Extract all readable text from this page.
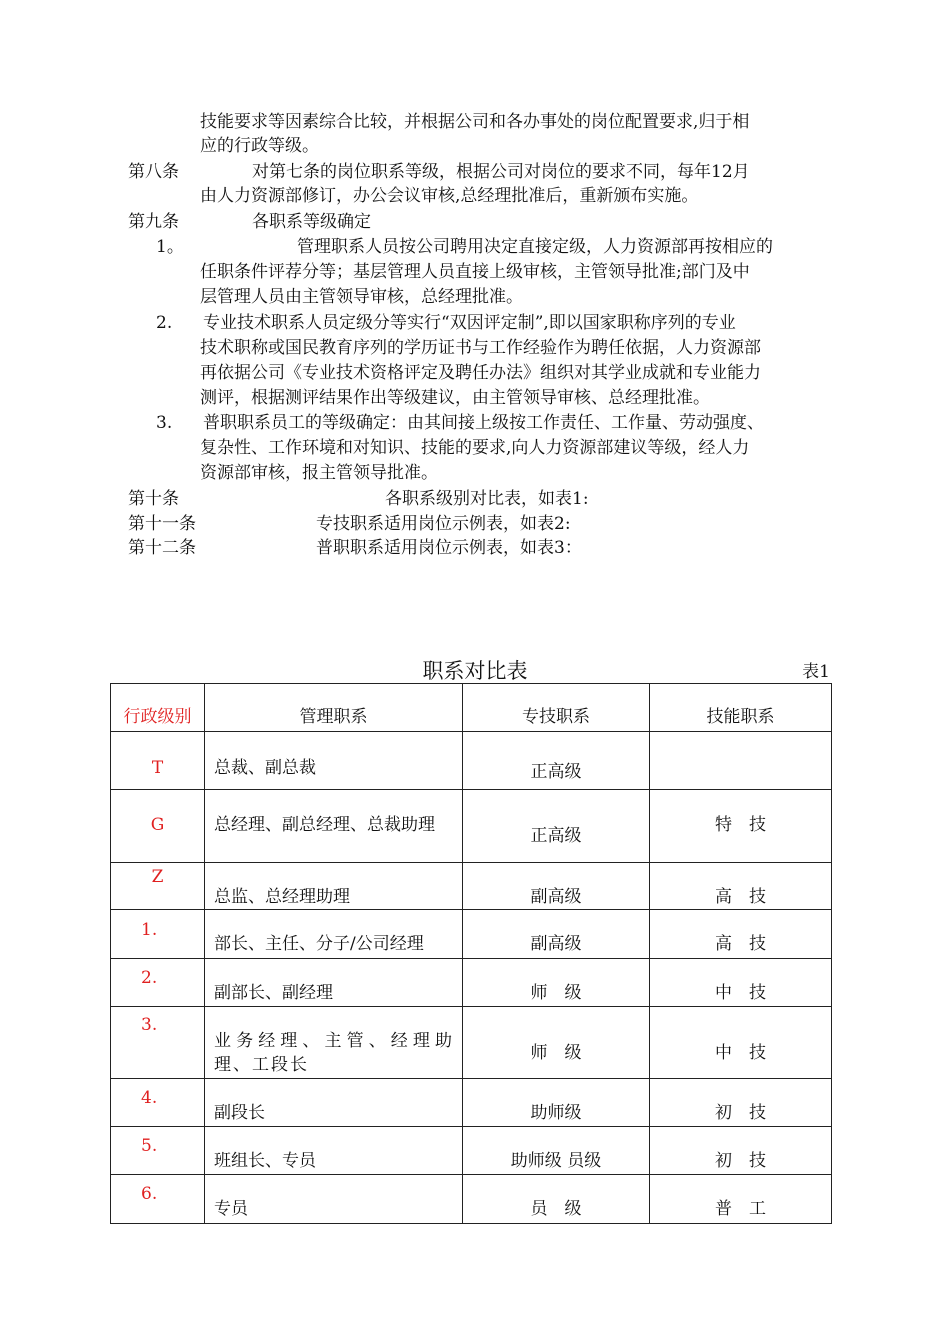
技能要求等因素综合比较，并根据公司和各办事处的岗位配置要求,归于相
应的行政等级。
第八条	对第七条的岗位职系等级，根据公司对岗位的要求不同，每年12月
由人力资源部修订，办公会议审核,总经理批准后，重新颁布实施。
第九条	各职系等级确定
1。	管理职系人员按公司聘用决定直接定级，人力资源部再按相应的
任职条件评荐分等；基层管理人员直接上级审核，主管领导批准;部门及中
层管理人员由主管领导审核，总经理批准。
2. 专业技术职系人员定级分等实行“双因评定制”,即以国家职称序列的专业
技术职称或国民教育序列的学历证书与工作经验作为聘任依据，人力资源部
再依据公司《专业技术资格评定及聘任办法》组织对其学业成就和专业能力
测评，根据测评结果作出等级建议，由主管领导审核、总经理批准。
3. 普职职系员工的等级确定：由其间接上级按工作责任、工作量、劳动强度、
复杂性、工作环境和对知识、技能的要求,向人力资源部建议等级，经人力
资源部审核，报主管领导批准。
第十条	各职系级别对比表，如表1:
第十一条	专技职系适用岗位示例表，如表2:
第十二条	普职职系适用岗位示例表，如表3：
职系对比表	表1
行政级别	管理职系	专技职系	技能职系
T	总裁、副总裁	正高级	
G	总经理、副总经理、总裁助理	正高级	特　技
Z	总监、总经理助理	副高级	高　技
1.	部长、主任、分子/公司经理	副高级	高　技
2.	副部长、副经理	师　级	中　技
3.	业务经理、主管、经理助理、工段长	师　级	中　技
4.	副段长	助师级	初　技
5.	班组长、专员	助师级 员级	初　技
6.	专员	员　级	普　工
